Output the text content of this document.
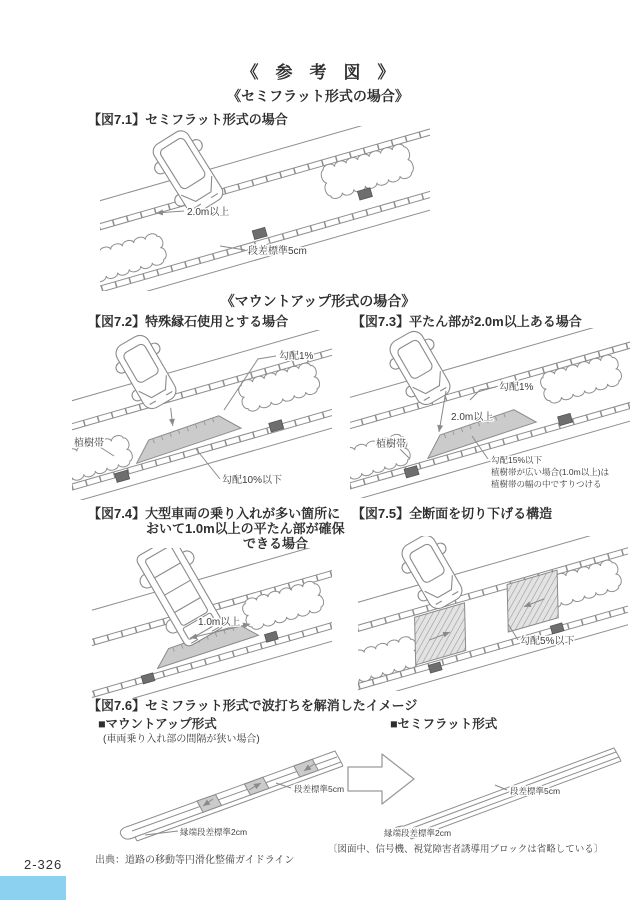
《　参　考　図　》
《セミフラット形式の場合》
【図7.1】セミフラット形式の場合
2.0m以上
段差標準5cm
《マウントアップ形式の場合》
【図7.2】特殊縁石使用とする場合	【図7.3】平たん部が2.0m以上ある場合
勾配1%
植樹帯
勾配10%以下
勾配1%
2.0m以上
植樹帯
勾配15%以下
植樹帯が広い場合(1.0m以上)は
植樹帯の幅の中ですりつける
【図7.4】大型車両の乗り入れが多い箇所に
おいて1.0m以上の平たん部が確保
できる場合
【図7.5】全断面を切り下げる構造
1.0m以上
勾配5%以下
【図7.6】セミフラット形式で波打ちを解消したイメージ
■マウントアップ形式	■セミフラット形式
(車両乗り入れ部の間隔が狭い場合)
段差標準5cm
縁端段差標準2cm
段差標準5cm
縁端段差標準2cm
出典：道路の移動等円滑化整備ガイドライン
〔図面中、信号機、視覚障害者誘導用ブロックは省略している〕
2-326
